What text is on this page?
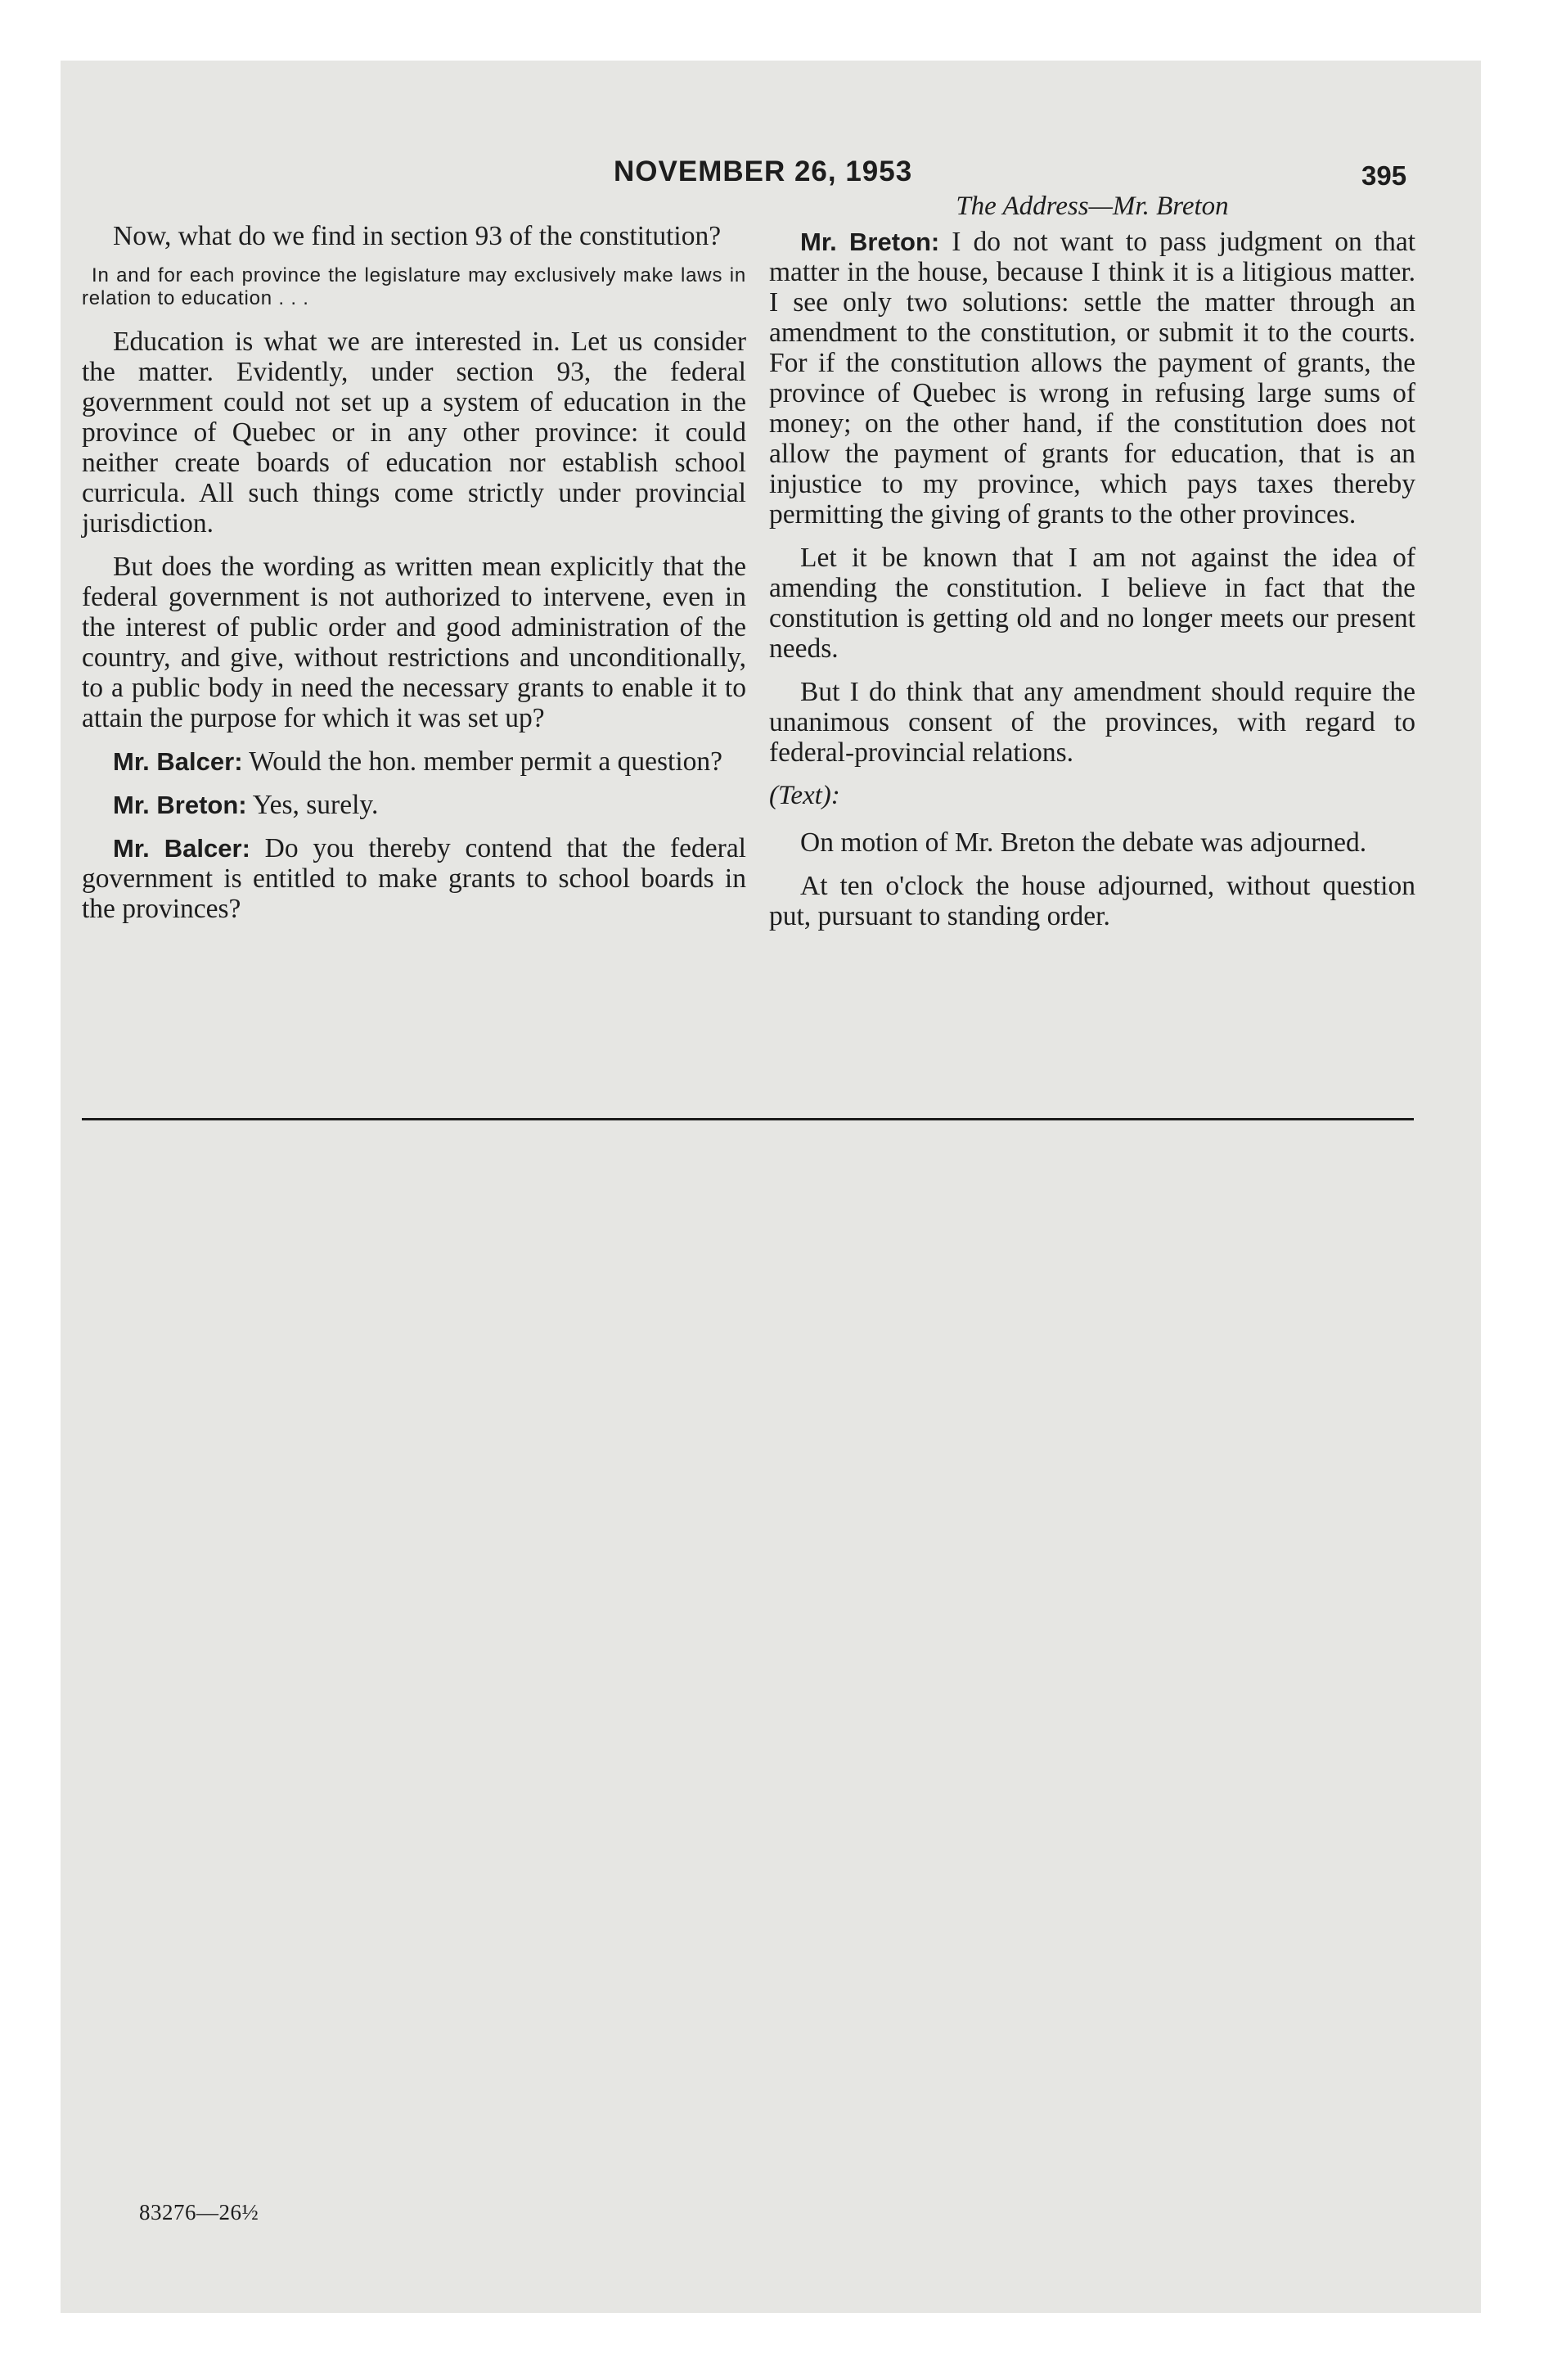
NOVEMBER 26, 1953	395

Now, what do we find in section 93 of the constitution?

In and for each province the legislature may exclusively make laws in relation to education . . .

Education is what we are interested in. Let us consider the matter. Evidently, under section 93, the federal government could not set up a system of education in the province of Quebec or in any other province: it could neither create boards of education nor establish school curricula. All such things come strictly under provincial jurisdiction.

But does the wording as written mean explicitly that the federal government is not authorized to intervene, even in the interest of public order and good administration of the country, and give, without restrictions and unconditionally, to a public body in need the necessary grants to enable it to attain the purpose for which it was set up?

Mr. Balcer: Would the hon. member permit a question?

Mr. Breton: Yes, surely.

Mr. Balcer: Do you thereby contend that the federal government is entitled to make grants to school boards in the provinces?

The Address—Mr. Breton

Mr. Breton: I do not want to pass judgment on that matter in the house, because I think it is a litigious matter. I see only two solutions: settle the matter through an amendment to the constitution, or submit it to the courts. For if the constitution allows the payment of grants, the province of Quebec is wrong in refusing large sums of money; on the other hand, if the constitution does not allow the payment of grants for education, that is an injustice to my province, which pays taxes thereby permitting the giving of grants to the other provinces.

Let it be known that I am not against the idea of amending the constitution. I believe in fact that the constitution is getting old and no longer meets our present needs.

But I do think that any amendment should require the unanimous consent of the provinces, with regard to federal-provincial relations.

(Text):

On motion of Mr. Breton the debate was adjourned.

At ten o'clock the house adjourned, without question put, pursuant to standing order.

83276—26½
